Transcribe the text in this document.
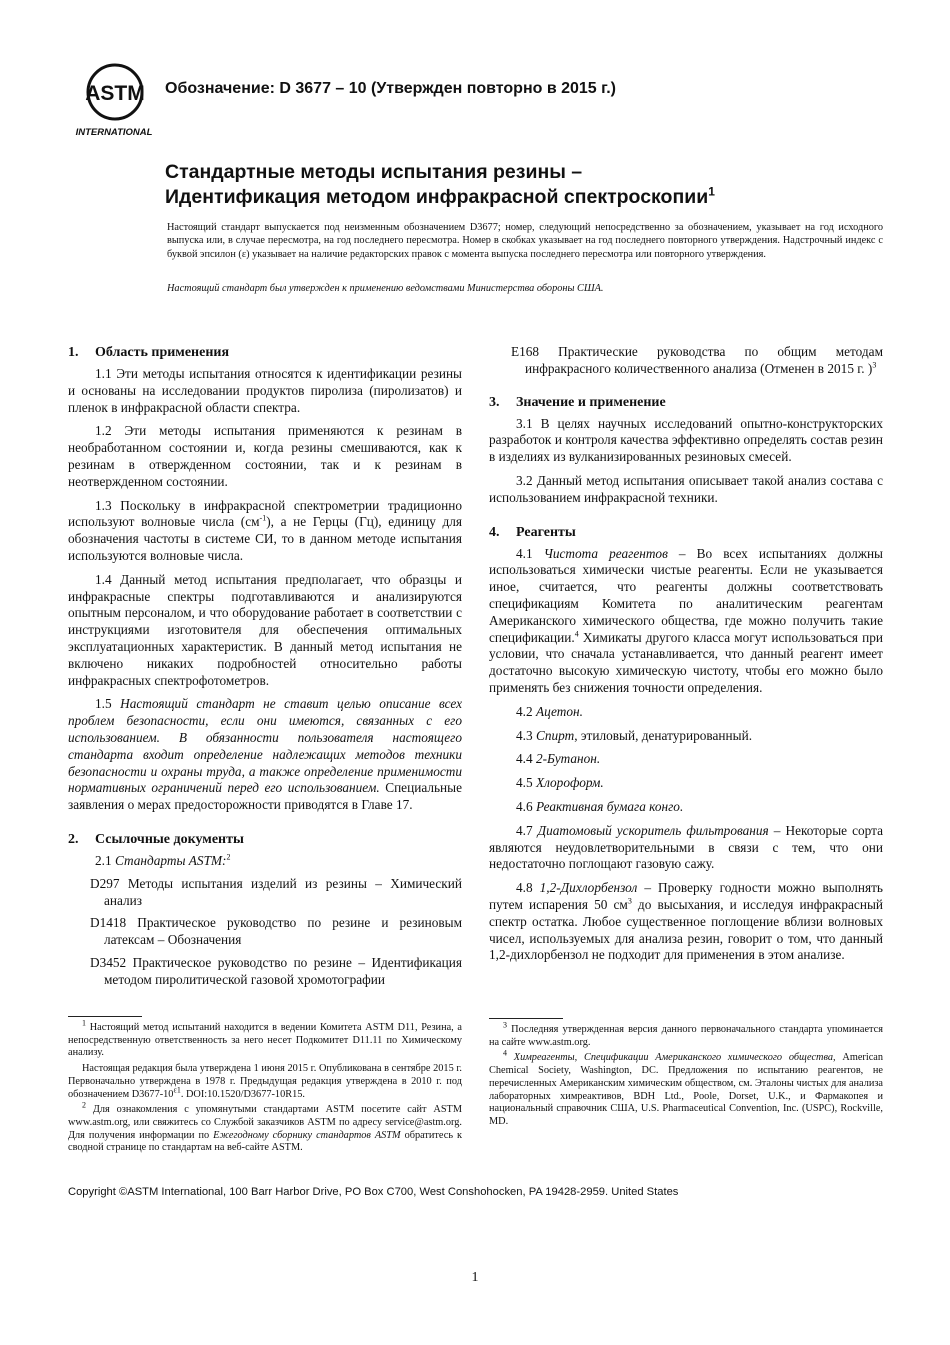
ASTM
INTERNATIONAL
Обозначение: D 3677 – 10 (Утвержден повторно в 2015 г.)
Стандартные методы испытания резины –
Идентификация методом инфракрасной спектроскопии$^1$
Настоящий стандарт выпускается под неизменным обозначением D3677; номер, следующий непосредственно за обозначением, указывает на год исходного выпуска или, в случае пересмотра, на год последнего пересмотра. Номер в скобках указывает на год последнего повторного утверждения. Надстрочный индекс с буквой эпсилон (ε) указывает на наличие редакторских правок с момента выпуска последнего пересмотра или повторного утверждения.
Настоящий стандарт был утвержден к применению ведомствами Министерства обороны США.
1. Область применения

1.1 Эти методы испытания относятся к идентификации резины и основаны на исследовании продуктов пиролиза (пиролизатов) и пленок в инфракрасной области спектра.

1.2 Эти методы испытания применяются к резинам в необработанном состоянии и, когда резины смешиваются, как к резинам в отвержденном состоянии, так и к резинам в неотвержденном состоянии.

1.3 Поскольку в инфракрасной спектрометрии традиционно используют волновые числа $(см^{-1})$, а не Герцы (Гц), единицу для обозначения частоты в системе СИ, то в данном методе испытания используются волновые числа.

1.4 Данный метод испытания предполагает, что образцы и инфракрасные спектры подготавливаются и анализируются опытным персоналом, и что оборудование работает в соответствии с инструкциями изготовителя для обеспечения оптимальных эксплуатационных характеристик. В данный метод испытания не включено никаких подробностей относительно работы инфракрасных спектрофотометров.

1.5 Настоящий стандарт не ставит целью описание всех проблем безопасности, если они имеются, связанных с его использованием. В обязанности пользователя настоящего стандарта входит определение надлежащих методов техники безопасности и охраны труда, а также определение применимости нормативных ограничений перед его использованием. Специальные заявления о мерах предосторожности приводятся в Главе 17.

2. Ссылочные документы
2.1 Стандарты ASTM:$^2$
D297 Методы испытания изделий из резины – Химический анализ
D1418 Практическое руководство по резине и резиновым латексам – Обозначения
D3452 Практическое руководство по резине – Идентификация методом пиролитической газовой хромотографии
E168 Практические руководства по общим методам инфракрасного количественного анализа (Отменен в 2015 г. )$^3$
3. Значение и применение

3.1 В целях научных исследований опытно-конструкторских разработок и контроля качества эффективно определять состав резин в изделиях из вулканизированных резиновых смесей.

3.2 Данный метод испытания описывает такой анализ состава с использованием инфракрасной техники.

4. Реагенты

4.1 Чистота реагентов – Во всех испытаниях должны использоваться химически чистые реагенты. Если не указывается иное, считается, что реагенты должны соответствовать спецификациям Комитета по аналитическим реагентам Американского химического общества, где можно получить такие спецификации.$^4$ Химикаты другого класса могут использоваться при условии, что сначала устанавливается, что данный реагент имеет достаточно высокую химическую чистоту, чтобы его можно было применять без снижения точности определения.

4.2 Ацетон.

4.3 Спирт, этиловый, денатурированный.

4.4 2-Бутанон.

4.5 Хлороформ.

4.6 Реактивная бумага конго.

4.7 Диатомовый ускоритель фильтрования – Некоторые сорта являются неудовлетворительными в связи с тем, что они недостаточно поглощают газовую сажу.

4.8 1,2-Дихлорбензол – Проверку годности можно выполнять путем испарения 50 $см^3$ до высыхания, и исследуя инфракрасный спектр остатка. Любое существенное поглощение вблизи волновых чисел, используемых для анализа резин, говорит о том, что данный 1,2-дихлорбензол не подходит для применения в этом анализе.

$^1$ Настоящий метод испытаний находится в ведении Комитета ASTM D11, Резина, а непосредственную ответственность за него несет Подкомитет D11.11 по Химическому анализу.

Настоящая редакция была утверждена 1 июня 2015 г. Опубликована в сентябре 2015 г. Первоначально утверждена в 1978 г. Предыдущая редакция утверждена в 2010 г. под обозначением $D3677-10^{\varepsilon 1}$. DOI:10.1520/D3677-10R15.

$^2$ Для ознакомления с упомянутыми стандартами ASTM посетите сайт ASTM www.astm.org, или свяжитесь со Службой заказчиков ASTM по адресу service@astm.org. Для получения информации по Ежегодному сборнику стандартов ASTM обратитесь к сводной странице по стандартам на веб-сайте ASTM.

$^3$ Последняя утвержденная версия данного первоначального стандарта упоминается на сайте www.astm.org.

$^4$ Химреагенты, Спецификации Американского химического общества, American Chemical Society, Washington, DC. Предложения по испытанию реагентов, не перечисленных Американским химическим обществом, см. Эталоны чистых для анализа лабораторных химреактивов, BDH Ltd., Poole, Dorset, U.K., и Фармакопея и национальный справочник США, U.S. Pharmaceutical Convention, Inc. (USPC), Rockville, MD.

Copyright ©ASTM International, 100 Barr Harbor Drive, PO Box C700, West Conshohocken, PA 19428-2959. United States
1
